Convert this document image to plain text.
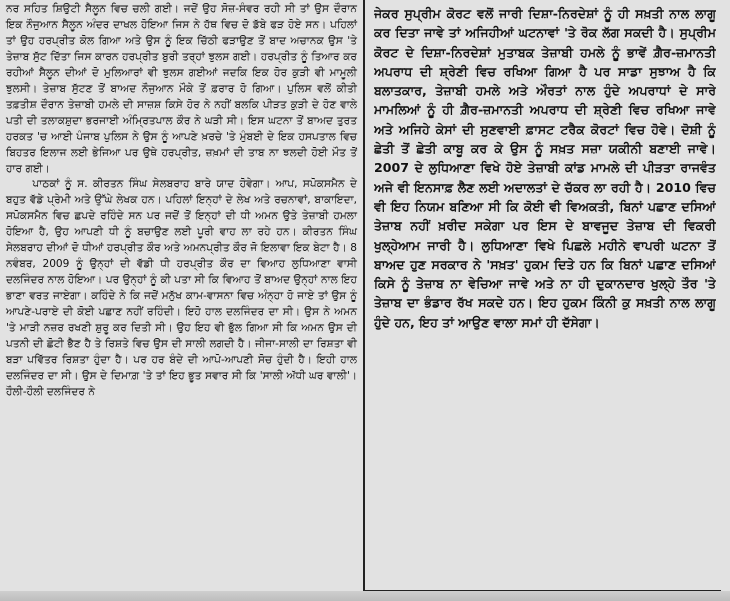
ਨਰ ਸਹਿਤ ਸ਼ਿਉਟੀ ਸੈਲੂਨ ਵਿਚ ਚਲੀ ਗਈ। ਜਦੋਂ ਉਹ ਸੋਜ਼-ਸੰਵਰ ਰਹੀ ਸੀ ਤਾਂ ਉਸ ਦੌਰਾਨ ਇਕ ਨੌਜੁਆਨ ਸੈਲੂਨ ਅੰਦਰ ਦਾਖਲ ਹੋਇਆ ਜਿਸ ਨੇ ਹੱਥ ਵਿਚ ਦੋ ਡੱਬੇ ਫੜ ਹੋਏ ਸਨ। ਪਹਿਲਾਂ ਤਾਂ ਉਹ ਹਰਪ੍ਰੀਤ ਕੋਲ ਗਿਆ ਅਤੇ ਉਸ ਨੂੰ ਇਕ ਚਿੱਠੀ ਫੜਾਉਣ ਤੋਂ ਬਾਦ ਅਚਾਨਕ ਉਸ 'ਤੇ ਤੇਜ਼ਾਬ ਸੁੱਟ ਦਿੱਤਾ ਜਿਸ ਕਾਰਨ ਹਰਪ੍ਰੀਤ ਬੁਰੀ ਤਰ੍ਹਾਂ ਝੁਲਸ ਗਈ। ਹਰਪ੍ਰੀਤ ਨੂੰ ਤਿਆਰ ਕਰ ਰਹੀਆਂ ਸੈਲੂਨ ਦੀਆਂ ਦੋ ਮੁਲਿਆਰਾਂ ਵੀ ਝੁਲਸ ਗਈਆਂ ਜਦਕਿ ਇਕ ਹੋਰ ਕੁੜੀ ਵੀ ਮਾਮੂਲੀ ਝੁਲਸੀ। ਤੇਜ਼ਾਬ ਸੁੱਟਣ ਤੋਂ ਬਾਅਦ ਨੌਜੁਆਨ ਮੌਕੇ ਤੋਂ ਫ਼ਰਾਰ ਹੋ ਗਿਆ। ਪੁਲਿਸ ਵਲੋਂ ਕੀਤੀ ਤਫ਼ਤੀਸ਼ ਦੌਰਾਨ ਤੇਜ਼ਾਬੀ ਹਮਲੇ ਦੀ ਸਾਜ਼ਸ਼ ਕਿਸੇ ਹੋਰ ਨੇ ਨਹੀਂ ਬਲਕਿ ਪੀੜਤ ਕੁੜੀ ਦੇ ਹੋਣ ਵਾਲੇ ਪਤੀ ਦੀ ਤਲਾਕਸ਼ੁਦਾ ਭਰਜਾਈ ਅੰਮ੍ਰਿਤਪਾਲ ਕੌਰ ਨੇ ਘੜੀ ਸੀ। ਇਸ ਘਟਨਾ ਤੋਂ ਬਾਅਦ ਤੁਰਤ ਹਰਕਤ 'ਚ ਆਈ ਪੰਜਾਬ ਪੁਲਿਸ ਨੇ ਉਸ ਨੂੰ ਆਪਣੇ ਖ਼ਰਚੇ 'ਤੇ ਮੁੰਬਈ ਦੇ ਇਕ ਹਸਪਤਾਲ ਵਿਚ ਬਿਹਤਰ ਇਲਾਜ ਲਈ ਭੇਜਿਆ ਪਰ ਉਥੇ ਹਰਪ੍ਰੀਤ, ਜ਼ਖ਼ਮਾਂ ਦੀ ਤਾਬ ਨਾ ਝਲਦੀ ਹੋਈ ਮੌਤ ਤੋਂ ਹਾਰ ਗਈ।

ਪਾਠਕਾਂ ਨੂੰ ਸ. ਕੀਰਤਨ ਸਿੰਘ ਸੇਲਬਰਾਹ ਬਾਰੇ ਯਾਦ ਹੋਵੇਗਾ। ਆਪ, ਸਪੋਕਸਮੈਨ ਦੇ ਬਹੁਤ ਵੱਡੇ ਪ੍ਰੇਮੀ ਅਤੇ ਉੱਘੇ ਲੇਖਕ ਹਨ। ਪਹਿਲਾਂ ਇਨ੍ਹਾਂ ਦੇ ਲੇਖ ਅਤੇ ਰਚਨਾਵਾਂ, ਬਾਕਾਇਦਾ, ਸਪੋਕਸਮੈਨ ਵਿਚ ਛਪਦੇ ਰਹਿੰਦੇ ਸਨ ਪਰ ਜਦੋਂ ਤੋਂ ਇਨ੍ਹਾਂ ਦੀ ਧੀ ਅਮਨ ਉਤੇ ਤੇਜ਼ਾਬੀ ਹਮਲਾ ਹੋਇਆ ਹੈ, ਉਹ ਆਪਣੀ ਧੀ ਨੂੰ ਬਚਾਉਣ ਲਈ ਪੂਰੀ ਵਾਹ ਲਾ ਰਹੇ ਹਨ। ਕੀਰਤਨ ਸਿੰਘ ਸੇਲਬਰਾਹ ਦੀਆਂ ਦੋ ਧੀਆਂ ਹਰਪ੍ਰੀਤ ਕੌਰ ਅਤੇ ਅਮਨਪ੍ਰੀਤ ਕੌਰ ਜੋ ਇਲਾਵਾ ਇਕ ਬੇਟਾ ਹੈ। 8 ਨਵੰਬਰ, 2009 ਨੂੰ ਉਨ੍ਹਾਂ ਦੀ ਵੱਡੀ ਧੀ ਹਰਪ੍ਰੀਤ ਕੌਰ ਦਾ ਵਿਆਹ ਲੁਧਿਆਣਾ ਵਾਸੀ ਦਲਜਿੰਦਰ ਨਾਲ ਹੋਇਆ। ਪਰ ਉਨ੍ਹਾਂ ਨੂੰ ਕੀ ਪਤਾ ਸੀ ਕਿ ਵਿਆਹ ਤੋਂ ਬਾਅਦ ਉਨ੍ਹਾਂ ਨਾਲ ਇਹ ਭਾਣਾ ਵਰਤ ਜਾਏਗਾ। ਕਹਿੰਦੇ ਨੇ ਕਿ ਜਦੋਂ ਮਨੁੱਖ ਕਾਮ-ਵਾਸਨਾ ਵਿਚ ਅੰਨ੍ਹਾ ਹੋ ਜਾਏ ਤਾਂ ਉਸ ਨੂੰ ਆਪਣੇ-ਪਰਾਏ ਦੀ ਕੋਈ ਪਛਾਣ ਨਹੀਂ ਰਹਿੰਦੀ। ਇਹੋ ਹਾਲ ਦਲਜਿੰਦਰ ਦਾ ਸੀ। ਉਸ ਨੇ ਅਮਨ 'ਤੇ ਮਾੜੀ ਨਜ਼ਰ ਰਖਣੀ ਸ਼ੁਰੂ ਕਰ ਦਿਤੀ ਸੀ। ਉਹ ਇਹ ਵੀ ਭੁੱਲ ਗਿਆ ਸੀ ਕਿ ਅਮਨ ਉਸ ਦੀ ਪਤਨੀ ਦੀ ਛੋਟੀ ਭੈਣ ਹੈ ਤੇ ਰਿਸ਼ਤੇ ਵਿਚ ਉਸ ਦੀ ਸਾਲੀ ਲਗਦੀ ਹੈ। ਜੀਜਾ-ਸਾਲੀ ਦਾ ਰਿਸ਼ਤਾ ਵੀ ਬੜਾ ਪਵਿੱਤਰ ਰਿਸ਼ਤਾ ਹੁੰਦਾ ਹੈ। ਪਰ ਹਰ ਬੰਦੇ ਦੀ ਆਪੋ-ਆਪਣੀ ਸੋਚ ਹੁੰਦੀ ਹੈ। ਇਹੀ ਹਾਲ ਦਲਜਿੰਦਰ ਦਾ ਸੀ। ਉਸ ਦੇ ਦਿਮਾਗ਼ 'ਤੇ ਤਾਂ ਇਹ ਭੂਤ ਸਵਾਰ ਸੀ ਕਿ 'ਸਾਲੀ ਅੱਧੀ ਘਰ ਵਾਲੀ'। ਹੌਲੀ-ਹੌਲੀ ਦਲਜਿੰਦਰ ਨੇ

ਜੇਕਰ ਸੁਪ੍ਰੀਮ ਕੋਰਟ ਵਲੋਂ ਜਾਰੀ ਦਿਸ਼ਾ-ਨਿਰਦੇਸ਼ਾਂ ਨੂੰ ਹੀ ਸਖ਼ਤੀ ਨਾਲ ਲਾਗੂ ਕਰ ਦਿਤਾ ਜਾਵੇ ਤਾਂ ਅਜਿਹੀਆਂ ਘਟਨਾਵਾਂ 'ਤੇ ਰੋਕ ਲੱਗ ਸਕਦੀ ਹੈ। ਸੁਪ੍ਰੀਮ ਕੋਰਟ ਦੇ ਦਿਸ਼ਾ-ਨਿਰਦੇਸ਼ਾਂ ਮੁਤਾਬਕ ਤੇਜ਼ਾਬੀ ਹਮਲੇ ਨੂੰ ਭਾਵੇਂ ਗ਼ੈਰ-ਜ਼ਮਾਨਤੀ ਅਪਰਾਧ ਦੀ ਸ਼੍ਰੇਣੀ ਵਿਚ ਰਖਿਆ ਗਿਆ ਹੈ ਪਰ ਸਾਡਾ ਸੁਝਾਅ ਹੈ ਕਿ ਬਲਾਤਕਾਰ, ਤੇਜ਼ਾਬੀ ਹਮਲੇ ਅਤੇ ਔਰਤਾਂ ਨਾਲ ਹੁੰਦੇ ਅਪਰਾਧਾਂ ਦੇ ਸਾਰੇ ਮਾਮਲਿਆਂ ਨੂੰ ਹੀ ਗ਼ੈਰ-ਜ਼ਮਾਨਤੀ ਅਪਰਾਧ ਦੀ ਸ਼੍ਰੇਣੀ ਵਿਚ ਰਖਿਆ ਜਾਵੇ ਅਤੇ ਅਜਿਹੇ ਕੇਸਾਂ ਦੀ ਸੁਣਵਾਈ ਫ਼ਾਸਟ ਟਰੈਕ ਕੋਰਟਾਂ ਵਿਚ ਹੋਵੇ। ਦੋਸ਼ੀ ਨੂੰ ਛੇਤੀ ਤੋਂ ਛੇਤੀ ਕਾਬੂ ਕਰ ਕੇ ਉਸ ਨੂੰ ਸਖ਼ਤ ਸਜ਼ਾ ਯਕੀਨੀ ਬਣਾਈ ਜਾਵੇ। 2007 ਦੇ ਲੁਧਿਆਣਾ ਵਿਖੇ ਹੋਏ ਤੇਜ਼ਾਬੀ ਕਾਂਡ ਮਾਮਲੇ ਦੀ ਪੀੜਤਾ ਰਾਜਵੰਤ ਅਜੇ ਵੀ ਇਨਸਾਫ਼ ਲੈਣ ਲਈ ਅਦਾਲਤਾਂ ਦੇ ਚੱਕਰ ਲਾ ਰਹੀ ਹੈ। 2010 ਵਿਚ ਵੀ ਇਹ ਨਿਯਮ ਬਣਿਆ ਸੀ ਕਿ ਕੋਈ ਵੀ ਵਿਅਕਤੀ, ਬਿਨਾਂ ਪਛਾਣ ਦਸਿਆਂ ਤੇਜ਼ਾਬ ਨਹੀਂ ਖ਼ਰੀਦ ਸਕੇਗਾ ਪਰ ਇਸ ਦੇ ਬਾਵਜੂਦ ਤੇਜ਼ਾਬ ਦੀ ਵਿਕਰੀ ਖੁਲ੍ਹੇਆਮ ਜਾਰੀ ਹੈ। ਲੁਧਿਆਣਾ ਵਿਖੇ ਪਿਛਲੇ ਮਹੀਨੇ ਵਾਪਰੀ ਘਟਨਾ ਤੋਂ ਬਾਅਦ ਹੁਣ ਸਰਕਾਰ ਨੇ 'ਸਖ਼ਤ' ਹੁਕਮ ਦਿਤੇ ਹਨ ਕਿ ਬਿਨਾਂ ਪਛਾਣ ਦਸਿਆਂ ਕਿਸੇ ਨੂੰ ਤੇਜ਼ਾਬ ਨਾ ਵੇਚਿਆ ਜਾਵੇ ਅਤੇ ਨਾ ਹੀ ਦੁਕਾਨਦਾਰ ਖੁਲ੍ਹੇ ਤੌਰ 'ਤੇ ਤੇਜ਼ਾਬ ਦਾ ਭੰਡਾਰ ਰੱਖ ਸਕਦੇ ਹਨ। ਇਹ ਹੁਕਮ ਕਿੰਨੀ ਕੁ ਸਖ਼ਤੀ ਨਾਲ ਲਾਗੂ ਹੁੰਦੇ ਹਨ, ਇਹ ਤਾਂ ਆਉਣ ਵਾਲਾ ਸਮਾਂ ਹੀ ਦੱਸੇਗਾ।
